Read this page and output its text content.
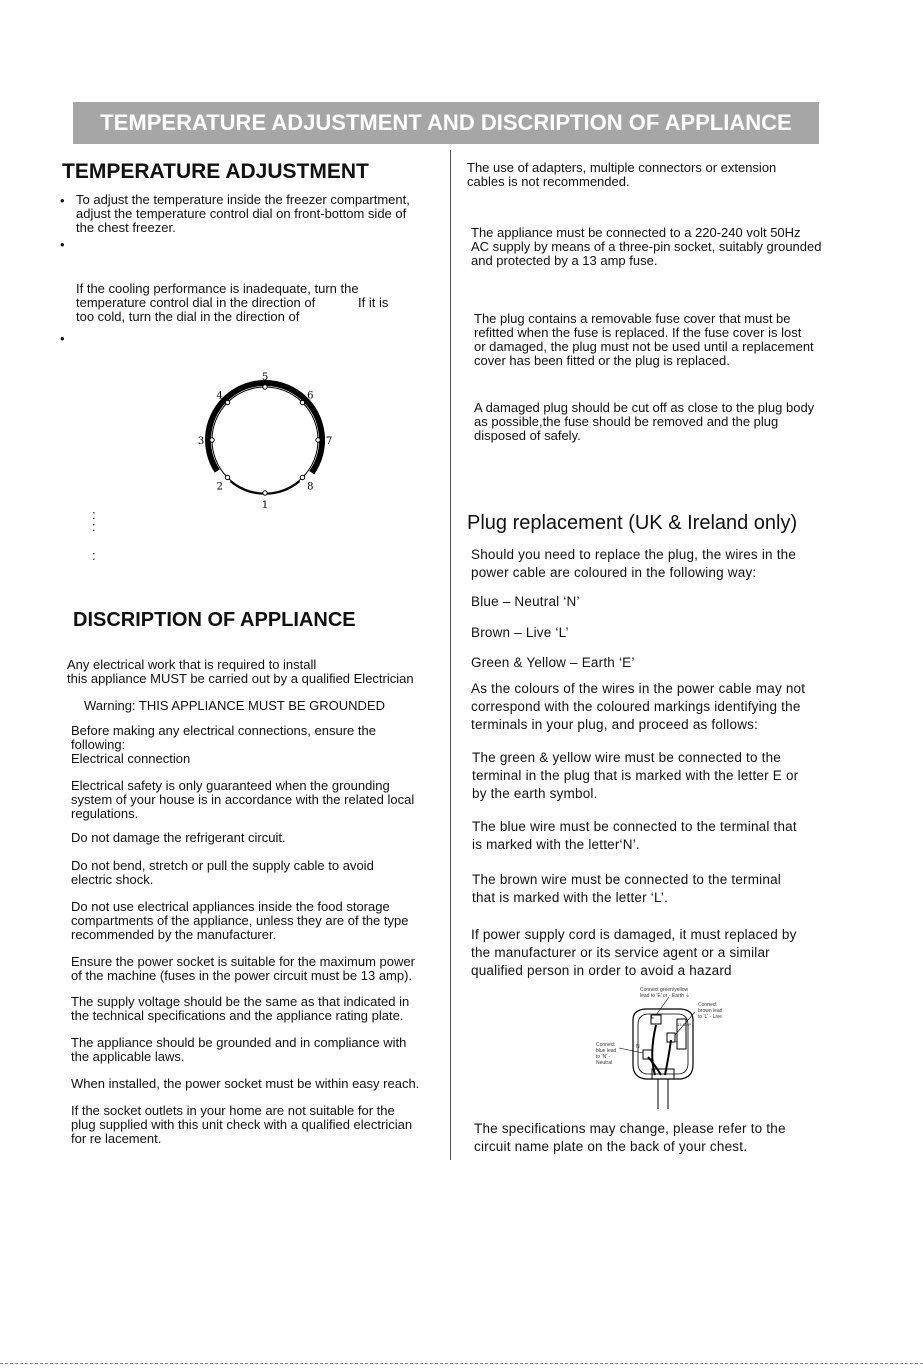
TEMPERATURE ADJUSTMENT AND DISCRIPTION OF APPLIANCE
TEMPERATURE ADJUSTMENT
• To adjust the temperature inside the freezer compartment,
adjust the temperature control dial on front-bottom side of
the chest freezer.
•
If the cooling performance is inadequate, turn the
temperature control dial in the direction of
too cold, turn the dial in the direction of
If it is
•
1
2
3
4
5
6
7
8
:
:
:
DISCRIPTION OF APPLIANCE
Any electrical work that is required to install
this appliance MUST be carried out by a qualified Electrician
Warning: THIS APPLIANCE MUST BE GROUNDED
Before making any electrical connections, ensure the
following:
Electrical connection
Electrical safety is only guaranteed when the grounding
system of your house is in accordance with the related local
regulations.
Do not damage the refrigerant circuit.
Do not bend, stretch or pull the supply cable to avoid
electric shock.
Do not use electrical appliances inside the food storage
compartments of the appliance, unless they are of the type
recommended by the manufacturer.
Ensure the power socket is suitable for the maximum power
of the machine (fuses in the power circuit must be 13 amp).
The supply voltage should be the same as that indicated in
the technical specifications and the appliance rating plate.
The appliance should be grounded and in compliance with
the applicable laws.
When installed, the power socket must be within easy reach.
If the socket outlets in your home are not suitable for the
plug supplied with this unit check with a qualified electrician
for re lacement.
The use of adapters, multiple connectors or extension
cables is not recommended.
The appliance must be connected to a 220-240 volt 50Hz
AC supply by means of a three-pin socket, suitably grounded
and protected by a 13 amp fuse.
The plug contains a removable fuse cover that must be
refitted when the fuse is replaced. If the fuse cover is lost
or damaged, the plug must not be used until a replacement
cover has been fitted or the plug is replaced.
A damaged plug should be cut off as close to the plug body
as possible,the fuse should be removed and the plug
disposed of safely.
Plug replacement (UK & Ireland only)
Should you need to replace the plug, the wires in the
power cable are coloured in the following way:
Blue – Neutral ‘N’
Brown – Live ‘L’
Green & Yellow – Earth ‘E’
As the colours of the wires in the power cable may not
correspond with the coloured markings identifying the
terminals in your plug, and proceed as follows:
The green & yellow wire must be connected to the
terminal in the plug that is marked with the letter E or
by the earth symbol.
The blue wire must be connected to the terminal that
is marked with the letter‘N’.
The brown wire must be connected to the terminal
that is marked with the letter ‘L’.
If power supply cord is damaged, it must replaced by
the manufacturer or its service agent or a similar
qualified person in order to avoid a hazard
Connect green/yellow
lead to 'E' or - Earth ⏚
Connect
brown lead
to 'L' - Live
Connect
blue lead
to 'N' -
Neutral
E
N
L
13 AMP
The specifications may change, please refer to the
circuit name plate on the back of your chest.
